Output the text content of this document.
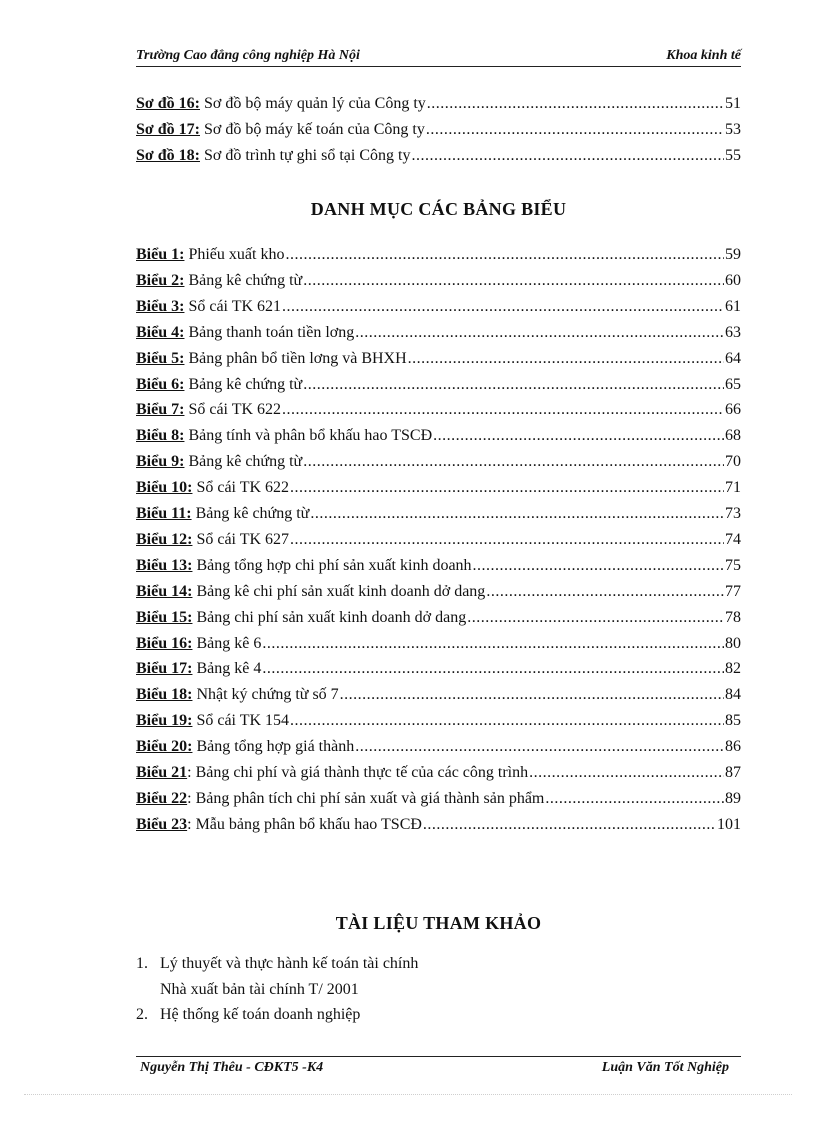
Trường Cao đẳng công nghiệp Hà Nội	Khoa kinh tế
Sơ đồ 16: Sơ đồ bộ máy quản lý của Công ty .....	51
Sơ đồ 17: Sơ đồ bộ máy kế toán của Công ty .....	53
Sơ đồ 18: Sơ đồ trình tự ghi sổ tại Công ty .....	55
DANH MỤC CÁC BẢNG BIỂU
Biểu 1: Phiếu xuất kho .....	59
Biểu 2: Bảng kê chứng từ .....	60
Biểu 3: Sổ cái TK 621 .....	61
Biểu 4: Bảng thanh toán tiền lơng .....	63
Biểu 5: Bảng phân bổ tiền lơng và BHXH .....	64
Biểu 6: Bảng kê chứng từ .....	65
Biểu 7: Sổ cái TK 622 .....	66
Biểu 8: Bảng tính và phân bổ khấu hao TSCĐ .....	68
Biểu 9: Bảng kê chứng từ .....	70
Biểu 10: Sổ cái TK 622 .....	71
Biểu 11: Bảng kê chứng từ .....	73
Biểu 12: Sổ cái TK 627 .....	74
Biểu 13: Bảng tổng hợp chi phí sản xuất kinh doanh .....	75
Biểu 14: Bảng kê chi phí sản xuất kinh doanh dở dang .....	77
Biểu 15: Bảng chi phí sản xuất kinh doanh dở dang .....	78
Biểu 16: Bảng kê 6 .....	80
Biểu 17: Bảng kê 4 .....	82
Biểu 18: Nhật ký chứng từ số 7 .....	84
Biểu 19: Sổ cái TK 154 .....	85
Biểu 20: Bảng tổng hợp giá thành .....	86
Biểu 21 : Bảng chi phí và giá thành thực tế của các công trình .....	87
Biểu 22 : Bảng phân tích chi phí sản xuất và giá thành sản phẩm .....	89
Biểu 23 : Mẫu bảng phân bổ khấu hao TSCĐ .....	101
TÀI LIỆU THAM KHẢO
1. Lý thuyết và thực hành kế toán tài chính
Nhà xuất bản tài chính T/ 2001
2. Hệ thống kế toán doanh nghiệp
Nguyễn Thị Thêu - CĐKT5 -K4	Luận Văn Tốt Nghiệp
